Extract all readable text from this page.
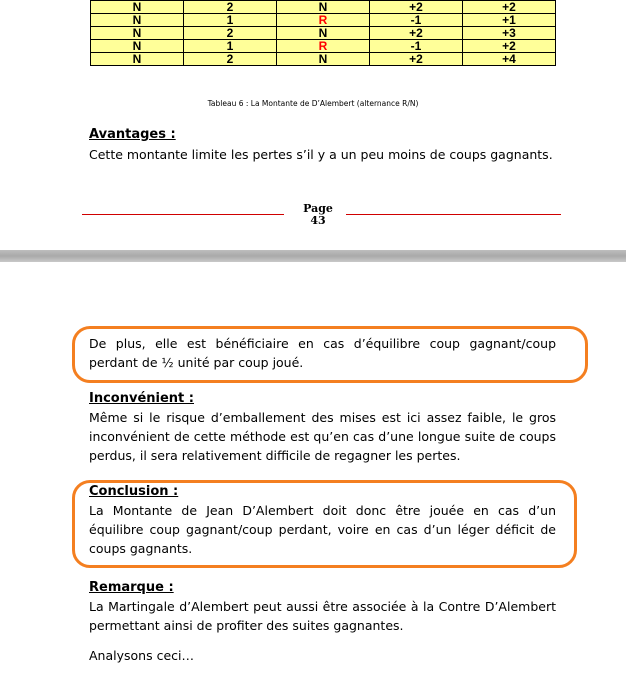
N	2	N	+2	+2
N	1	R	-1	+1
N	2	N	+2	+3
N	1	R	-1	+2
N	2	N	+2	+4
Tableau 6 : La Montante de D’Alembert (alternance R/N)
Avantages :
Cette montante limite les pertes s’il y a un peu moins de coups gagnants.
Page
43
De plus, elle est bénéficiaire en cas d’équilibre coup gagnant/coup perdant de ½ unité par coup joué.
Inconvénient :
Même si le risque d’emballement des mises est ici assez faible, le gros inconvénient de cette méthode est qu’en cas d’une longue suite de coups perdus, il sera relativement difficile de regagner les pertes.
Conclusion :
La Montante de Jean D’Alembert doit donc être jouée en cas d’un équilibre coup gagnant/coup perdant, voire en cas d’un léger déficit de coups gagnants.
Remarque :
La Martingale d’Alembert peut aussi être associée à la Contre D’Alembert permettant ainsi de profiter des suites gagnantes.
Analysons ceci…
